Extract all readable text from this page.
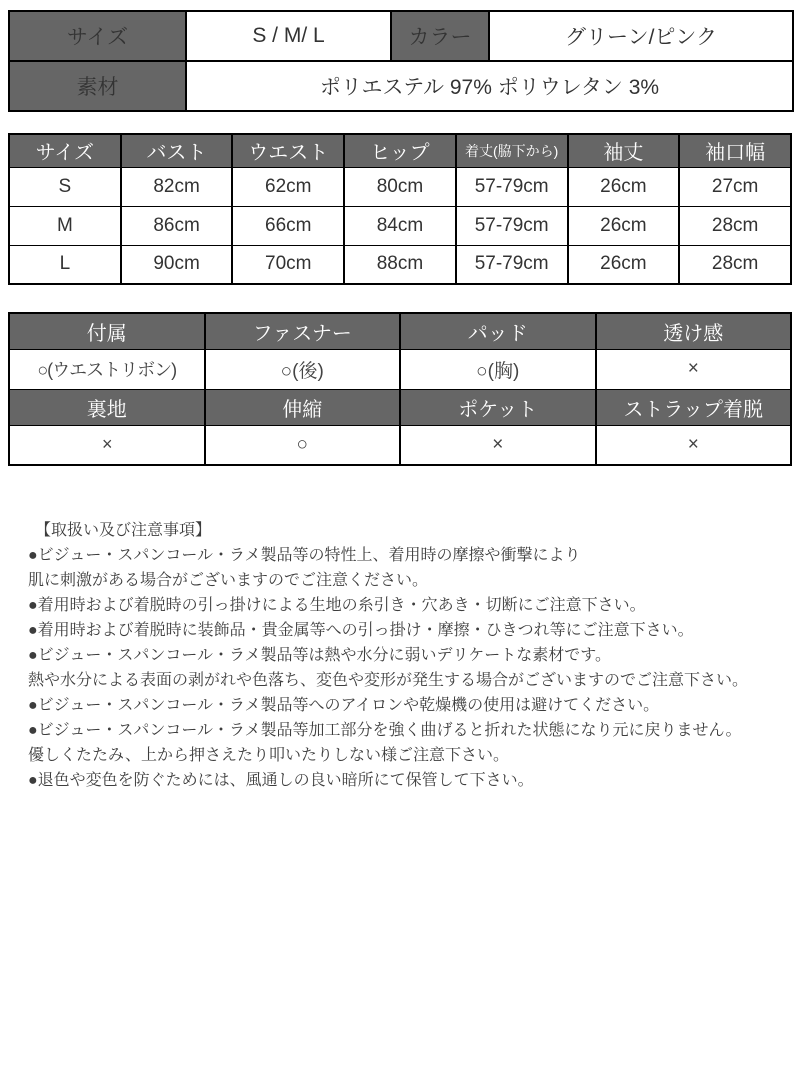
サイズ	S / M/ L	カラー	グリーン/ピンク
素材	ポリエステル 97% ポリウレタン 3%		
サイズ	バスト	ウエスト	ヒップ	着丈(脇下から)	袖丈	袖口幅
S	82cm	62cm	80cm	57-79cm	26cm	27cm
M	86cm	66cm	84cm	57-79cm	26cm	28cm
L	90cm	70cm	88cm	57-79cm	26cm	28cm
付属	ファスナー	パッド	透け感
○(ウエストリボン)	○(後)	○(胸)	×
裏地	伸縮	ポケット	ストラップ着脱
×	○	×	×
【取扱い及び注意事項】
●ビジュー・スパンコール・ラメ製品等の特性上、着用時の摩擦や衝撃により
肌に刺激がある場合がございますのでご注意ください。
●着用時および着脱時の引っ掛けによる生地の糸引き・穴あき・切断にご注意下さい。
●着用時および着脱時に装飾品・貴金属等への引っ掛け・摩擦・ひきつれ等にご注意下さい。
●ビジュー・スパンコール・ラメ製品等は熱や水分に弱いデリケートな素材です。
熱や水分による表面の剥がれや色落ち、変色や変形が発生する場合がございますのでご注意下さい。
●ビジュー・スパンコール・ラメ製品等へのアイロンや乾燥機の使用は避けてください。
●ビジュー・スパンコール・ラメ製品等加工部分を強く曲げると折れた状態になり元に戻りません。
優しくたたみ、上から押さえたり叩いたりしない様ご注意下さい。
●退色や変色を防ぐためには、風通しの良い暗所にて保管して下さい。
